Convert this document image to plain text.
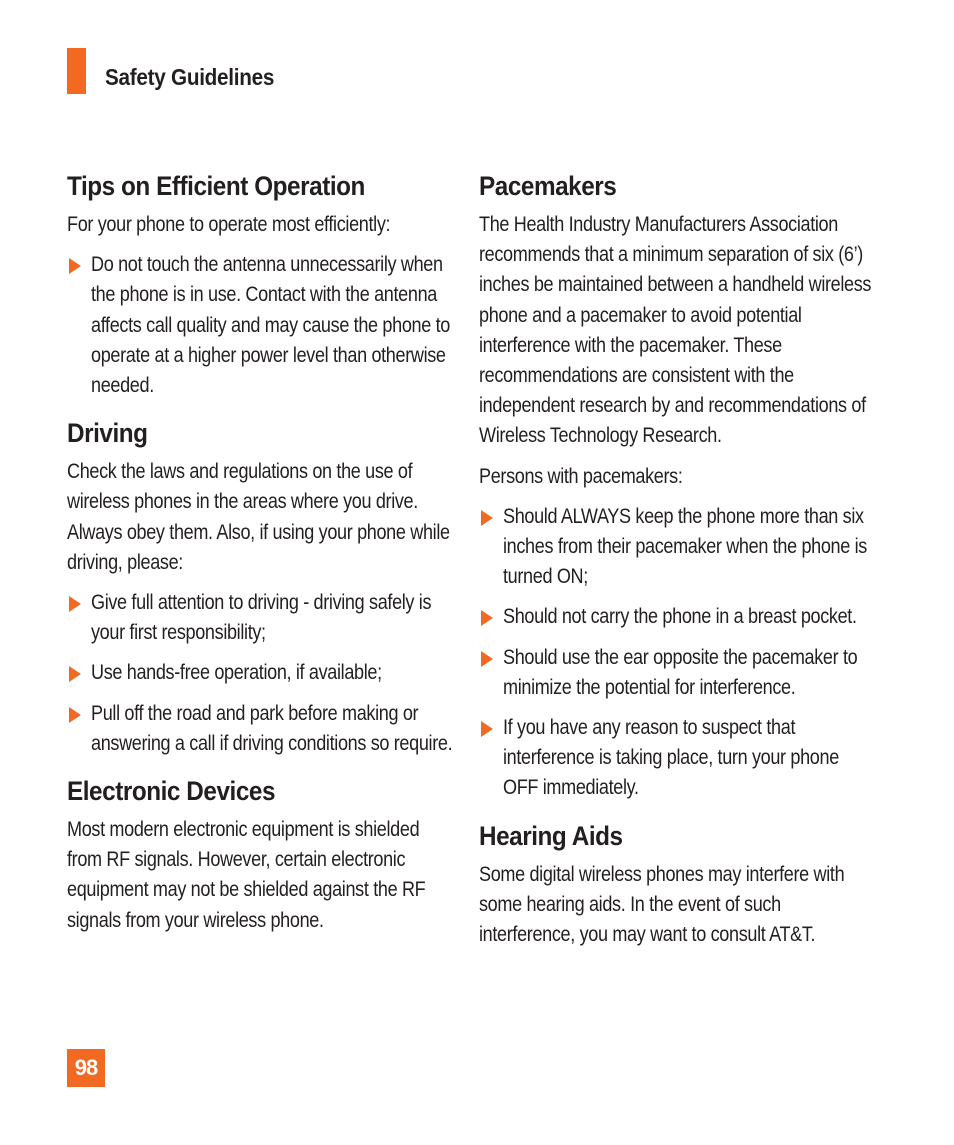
Safety Guidelines
Tips on Efficient Operation
For your phone to operate most efficiently:
Do not touch the antenna unnecessarily when the phone is in use. Contact with the antenna affects call quality and may cause the phone to operate at a higher power level than otherwise needed.
Driving
Check the laws and regulations on the use of wireless phones in the areas where you drive. Always obey them. Also, if using your phone while driving, please:
Give full attention to driving - driving safely is your first responsibility;
Use hands-free operation, if available;
Pull off the road and park before making or answering a call if driving conditions so require.
Electronic Devices
Most modern electronic equipment is shielded from RF signals. However, certain electronic equipment may not be shielded against the RF signals from your wireless phone.
Pacemakers
The Health Industry Manufacturers Association recommends that a minimum separation of six (6’) inches be maintained between a handheld wireless phone and a pacemaker to avoid potential interference with the pacemaker. These recommendations are consistent with the independent research by and recommendations of Wireless Technology Research.
Persons with pacemakers:
Should ALWAYS keep the phone more than six inches from their pacemaker when the phone is turned ON;
Should not carry the phone in a breast pocket.
Should use the ear opposite the pacemaker to minimize the potential for interference.
If you have any reason to suspect that interference is taking place, turn your phone OFF immediately.
Hearing Aids
Some digital wireless phones may interfere with some hearing aids. In the event of such interference, you may want to consult AT&T.
98
